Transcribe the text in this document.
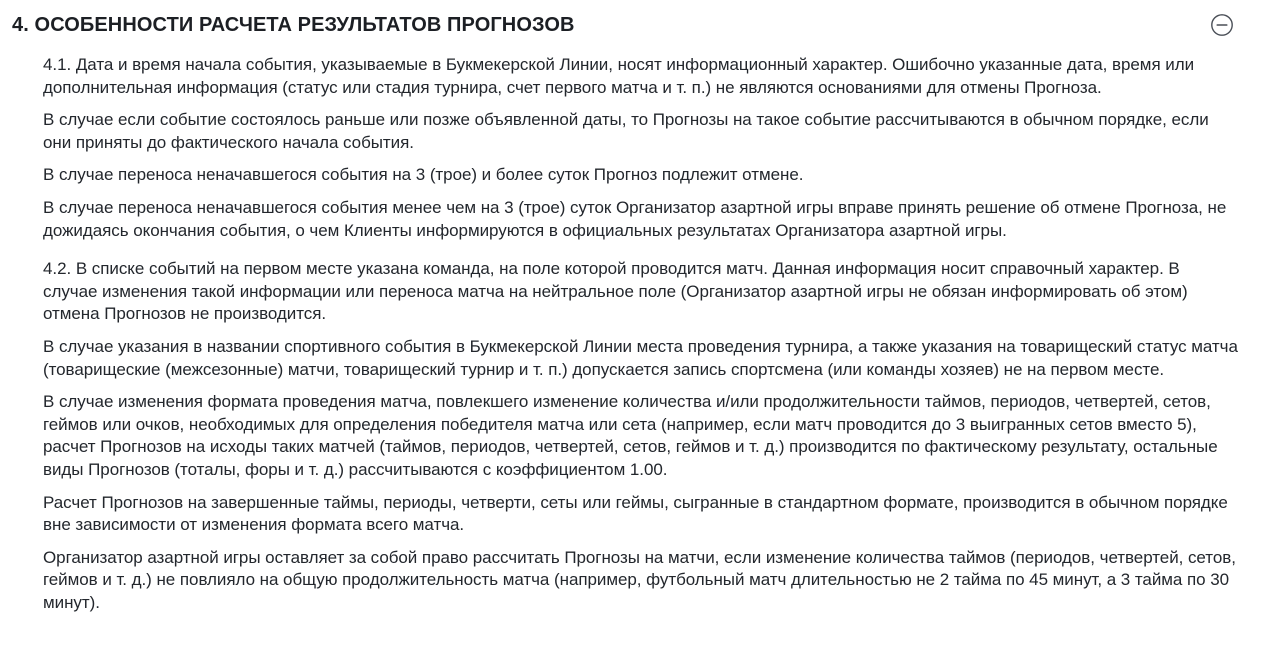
4. ОСОБЕННОСТИ РАСЧЕТА РЕЗУЛЬТАТОВ ПРОГНОЗОВ

4.1. Дата и время начала события, указываемые в Букмекерской Линии, носят информационный характер. Ошибочно указанные дата, время или дополнительная информация (статус или стадия турнира, счет первого матча и т. п.) не являются основаниями для отмены Прогноза.

В случае если событие состоялось раньше или позже объявленной даты, то Прогнозы на такое событие рассчитываются в обычном порядке, если они приняты до фактического начала события.

В случае переноса неначавшегося события на 3 (трое) и более суток Прогноз подлежит отмене.

В случае переноса неначавшегося события менее чем на 3 (трое) суток Организатор азартной игры вправе принять решение об отмене Прогноза, не дожидаясь окончания события, о чем Клиенты информируются в официальных результатах Организатора азартной игры.

4.2. В списке событий на первом месте указана команда, на поле которой проводится матч. Данная информация носит справочный характер. В случае изменения такой информации или переноса матча на нейтральное поле (Организатор азартной игры не обязан информировать об этом) отмена Прогнозов не производится.

В случае указания в названии спортивного события в Букмекерской Линии места проведения турнира, а также указания на товарищеский статус матча (товарищеские (межсезонные) матчи, товарищеский турнир и т. п.) допускается запись спортсмена (или команды хозяев) не на первом месте.

В случае изменения формата проведения матча, повлекшего изменение количества и/или продолжительности таймов, периодов, четвертей, сетов, геймов или очков, необходимых для определения победителя матча или сета (например, если матч проводится до 3 выигранных сетов вместо 5), расчет Прогнозов на исходы таких матчей (таймов, периодов, четвертей, сетов, геймов и т. д.) производится по фактическому результату, остальные виды Прогнозов (тоталы, форы и т. д.) рассчитываются с коэффициентом 1.00.

Расчет Прогнозов на завершенные таймы, периоды, четверти, сеты или геймы, сыгранные в стандартном формате, производится в обычном порядке вне зависимости от изменения формата всего матча.

Организатор азартной игры оставляет за собой право рассчитать Прогнозы на матчи, если изменение количества таймов (периодов, четвертей, сетов, геймов и т. д.) не повлияло на общую продолжительность матча (например, футбольный матч длительностью не 2 тайма по 45 минут, а 3 тайма по 30 минут).
